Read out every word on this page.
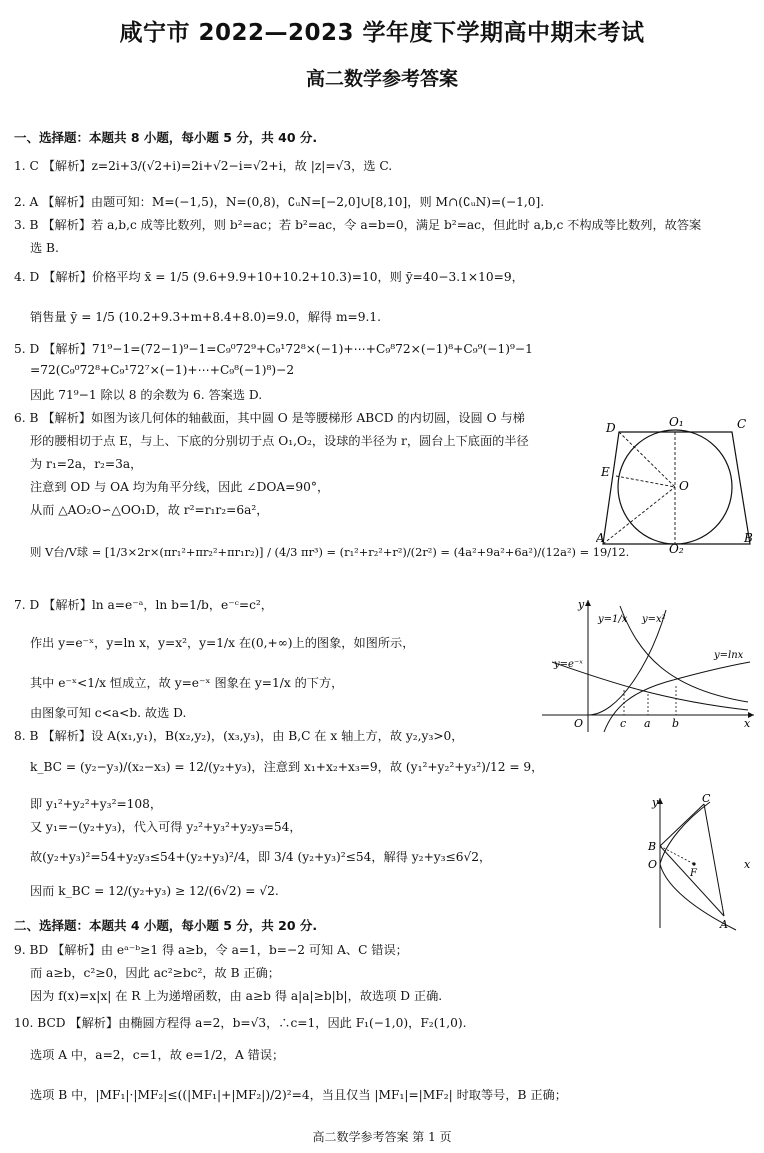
咸宁市 2022—2023 学年度下学期高中期末考试
高二数学参考答案
一、选择题：本题共 8 小题，每小题 5 分，共 40 分.
1. C 【解析】z=2i+3/(√2+i)=2i+√2−i=√2+i，故 |z|=√3，选 C.
2. A 【解析】由题可知：M=(−1,5)，N=(0,8)，∁ᵤN=[−2,0]∪[8,10]，则 M∩(∁ᵤN)=(−1,0].
3. B 【解析】若 a,b,c 成等比数列，则 b²=ac；若 b²=ac，令 a=b=0，满足 b²=ac，但此时 a,b,c 不构成等比数列，故答案
选 B.
4. D 【解析】价格平均 x̄ = 1/5 (9.6+9.9+10+10.2+10.3)=10，则 ȳ=40−3.1×10=9，
销售量 ȳ = 1/5 (10.2+9.3+m+8.4+8.0)=9.0，解得 m=9.1.
5. D 【解析】71⁹−1=(72−1)⁹−1=C₉⁰72⁹+C₉¹72⁸×(−1)+⋯+C₉⁸72×(−1)⁸+C₉⁹(−1)⁹−1
=72(C₉⁰72⁸+C₉¹72⁷×(−1)+⋯+C₉⁸(−1)⁸)−2
因此 71⁹−1 除以 8 的余数为 6. 答案选 D.
6. B 【解析】如图为该几何体的轴截面，其中圆 O 是等腰梯形 ABCD 的内切圆，设圆 O 与梯
形的腰相切于点 E，与上、下底的分别切于点 O₁,O₂，设球的半径为 r，圆台上下底面的半径
为 r₁=2a，r₂=3a，
注意到 OD 与 OA 均为角平分线，因此 ∠DOA=90°，
从而 △AO₂O∽△OO₁D，故 r²=r₁r₂=6a²，
则 V台/V球 = [1/3×2r×(πr₁²+πr₂²+πr₁r₂)] / (4/3 πr³) = (r₁²+r₂²+r²)/(2r²) = (4a²+9a²+6a²)/(12a²) = 19/12.
7. D 【解析】ln a=e⁻ᵃ，ln b=1/b，e⁻ᶜ=c²，
作出 y=e⁻ˣ，y=ln x，y=x²，y=1/x 在(0,+∞)上的图象，如图所示，
其中 e⁻ˣ<1/x 恒成立，故 y=e⁻ˣ 图象在 y=1/x 的下方，
由图象可知 c<a<b. 故选 D.
8. B 【解析】设 A(x₁,y₁)，B(x₂,y₂)，(x₃,y₃)，由 B,C 在 x 轴上方，故 y₂,y₃>0，
k_BC = (y₂−y₃)/(x₂−x₃) = 12/(y₂+y₃)，注意到 x₁+x₂+x₃=9，故 (y₁²+y₂²+y₃²)/12 = 9，
即 y₁²+y₂²+y₃²=108，
又 y₁=−(y₂+y₃)，代入可得 y₂²+y₃²+y₂y₃=54，
故(y₂+y₃)²=54+y₂y₃≤54+(y₂+y₃)²/4，即 3/4 (y₂+y₃)²≤54，解得 y₂+y₃≤6√2，
因而 k_BC = 12/(y₂+y₃) ≥ 12/(6√2) = √2.
二、选择题：本题共 4 小题，每小题 5 分，共 20 分.
9. BD 【解析】由 eᵃ⁻ᵇ≥1 得 a≥b，令 a=1，b=−2 可知 A、C 错误；
而 a≥b，c²≥0，因此 ac²≥bc²，故 B 正确；
因为 f(x)=x|x| 在 R 上为递增函数，由 a≥b 得 a|a|≥b|b|，故选项 D 正确.
10. BCD 【解析】由椭圆方程得 a=2，b=√3，∴c=1，因此 F₁(−1,0)，F₂(1,0).
选项 A 中，a=2，c=1，故 e=1/2，A 错误；
选项 B 中，|MF₁|·|MF₂|≤((|MF₁|+|MF₂|)/2)²=4，当且仅当 |MF₁|=|MF₂| 时取等号，B 正确；
D	O₁	C
E
O
A
O₂
B
y
y=1/x y=x²
y=lnx
y=e⁻ˣ
O	c a b	x
y	C
B
O
F
x
A
高二数学参考答案 第 1 页
